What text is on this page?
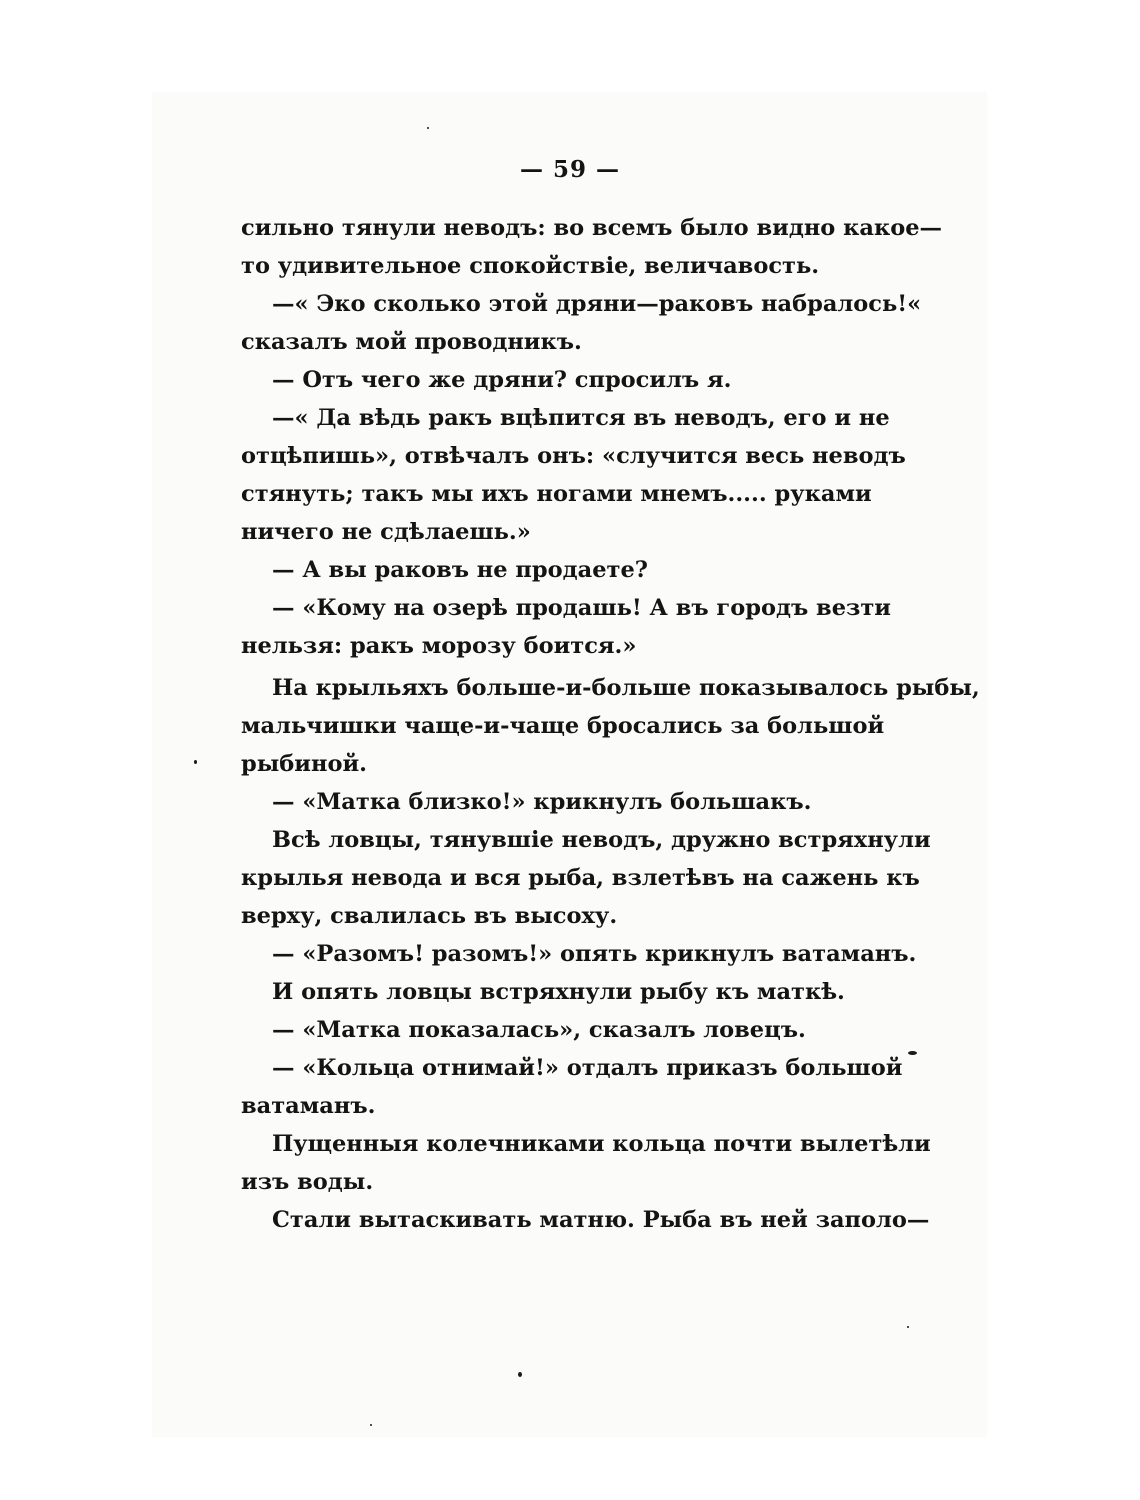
— 59 —
сильно тянули неводъ: во всемъ было видно какое—
то удивительное спокойствіе, величавость.
—« Эко сколько этой дряни—раковъ набралось!«
сказалъ мой проводникъ.
— Отъ чего же дряни? спросилъ я.
—« Да вѣдь ракъ вцѣпится въ неводъ, его и не
отцѣпишь», отвѣчалъ онъ: «случится весь неводъ
стянуть; такъ мы ихъ ногами мнемъ..... руками
ничего не сдѣлаешь.»
— А вы раковъ не продаете?
— «Кому на озерѣ продашь! А въ городъ везти
нельзя: ракъ морозу боится.»
На крыльяхъ больше-и-больше показывалось рыбы,
мальчишки чаще-и-чаще бросались за большой
рыбиной.
— «Матка близко!» крикнулъ большакъ.
Всѣ ловцы, тянувшіе неводъ, дружно встряхнули
крылья невода и вся рыба, взлетѣвъ на сажень къ
верху, свалилась въ высоху.
— «Разомъ! разомъ!» опять крикнулъ ватаманъ.
И опять ловцы встряхнули рыбу къ маткѣ.
— «Матка показалась», сказалъ ловецъ.
— «Кольца отнимай!» отдалъ приказъ большой
ватаманъ.
Пущенныя колечниками кольца почти вылетѣли
изъ воды.
Стали вытаскивать матню. Рыба въ ней заполо—
